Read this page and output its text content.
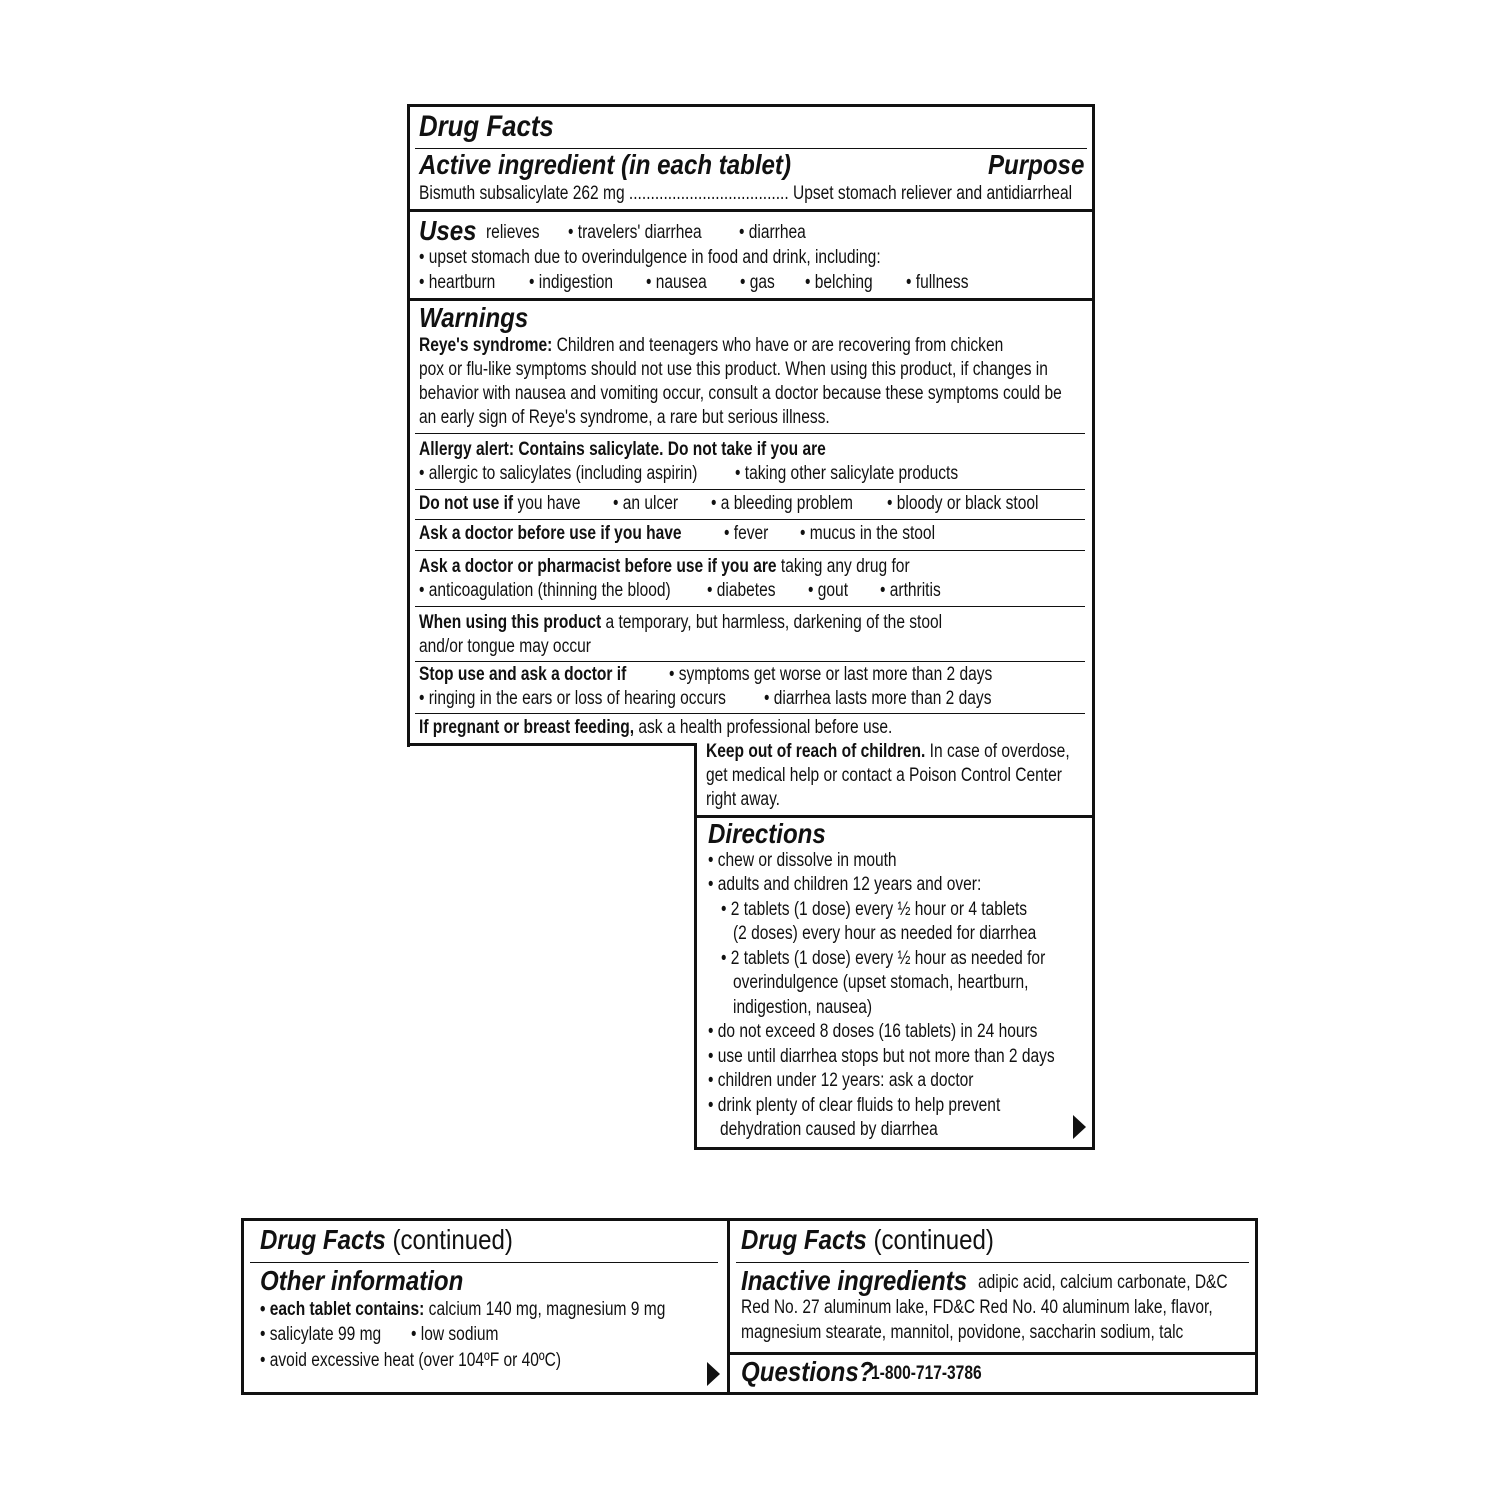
Drug Facts
Active ingredient (in each tablet)	Purpose
Bismuth subsalicylate 262 mg ..................................... Upset stomach reliever and antidiarrheal
Uses relieves • travelers' diarrhea • diarrhea
• upset stomach due to overindulgence in food and drink, including:
• heartburn • indigestion • nausea • gas • belching • fullness
Warnings
Reye's syndrome: Children and teenagers who have or are recovering from chicken
pox or flu-like symptoms should not use this product. When using this product, if changes in
behavior with nausea and vomiting occur, consult a doctor because these symptoms could be
an early sign of Reye's syndrome, a rare but serious illness.
Allergy alert: Contains salicylate. Do not take if you are
• allergic to salicylates (including aspirin) • taking other salicylate products
Do not use if you have • an ulcer • a bleeding problem • bloody or black stool
Ask a doctor before use if you have • fever • mucus in the stool
Ask a doctor or pharmacist before use if you are taking any drug for
• anticoagulation (thinning the blood) • diabetes • gout • arthritis
When using this product a temporary, but harmless, darkening of the stool
and/or tongue may occur
Stop use and ask a doctor if • symptoms get worse or last more than 2 days
• ringing in the ears or loss of hearing occurs • diarrhea lasts more than 2 days
If pregnant or breast feeding, ask a health professional before use.
Keep out of reach of children. In case of overdose,
get medical help or contact a Poison Control Center
right away.
Directions
• chew or dissolve in mouth
• adults and children 12 years and over:
• 2 tablets (1 dose) every ½ hour or 4 tablets
(2 doses) every hour as needed for diarrhea
• 2 tablets (1 dose) every ½ hour as needed for
overindulgence (upset stomach, heartburn,
indigestion, nausea)
• do not exceed 8 doses (16 tablets) in 24 hours
• use until diarrhea stops but not more than 2 days
• children under 12 years: ask a doctor
• drink plenty of clear fluids to help prevent
dehydration caused by diarrhea
Drug Facts (continued)
Other information
• each tablet contains: calcium 140 mg, magnesium 9 mg
• salicylate 99 mg • low sodium
• avoid excessive heat (over 104ºF or 40ºC)
Drug Facts (continued)
Inactive ingredients adipic acid, calcium carbonate, D&C
Red No. 27 aluminum lake, FD&C Red No. 40 aluminum lake, flavor,
magnesium stearate, mannitol, povidone, saccharin sodium, talc
Questions?
1-800-717-3786
